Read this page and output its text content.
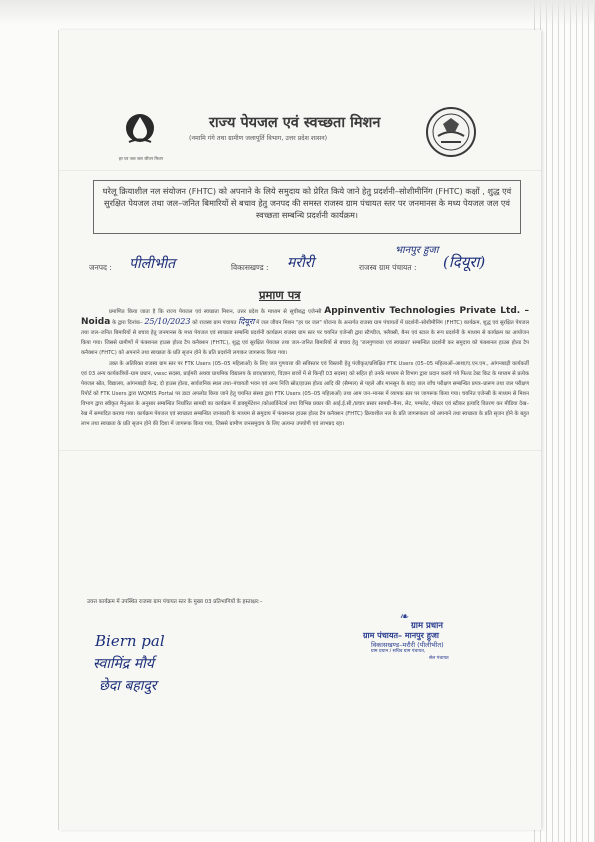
हर घर जल जल जीवन मिशन
राज्य पेयजल एवं स्वच्छता मिशन
(नमामि गंगे तथा ग्रामीण जलापूर्ति विभाग, उत्तर प्रदेश शासन)
घरेलू क्रियाशील नल संयोजन (FHTC) को अपनाने के लिये समुदाय को प्रेरित किये जाने हेतु प्रदर्शनी–सोशीमीनिंग (FHTC) कक्षों , शुद्ध एवं सुरक्षित पेयजल तथा जल–जनित बिमारियों से बचाव हेतु जनपद की समस्त राजस्व ग्राम पंचायत स्तर पर जनमानस के मध्य पेयजल जल एवं स्वच्छता सम्बन्धि प्रदर्शनी कार्यक्रम।
जनपद : पीलीभीत	विकासखण्ड : मरौरी	राजस्व ग्राम पंचायत :
भानपुर हुजा
(दियूरा)
प्रमाण पत्र

प्रमाणित किया जाता है कि राज्य पेयजल एवं स्वच्छता मिशन, उत्तर प्रदेश के माध्यम से सूचीबद्ध एजेन्सी Appinventiv Technologies Private Ltd. – Noida के द्वारा दिनांक– 25/10/2023 को राजस्व ग्राम पंचायत दियूरा में जल जीवन मिशन "हर घर जल" योजना के अन्तर्गत राजस्व ग्राम पंचायतों में प्रदर्शनी–सोशीमीनिंग (FHTC) कार्यक्रम, शुद्ध एवं सुरक्षित पेयजल तथा जल–जनित बिमारियों से बचाव हेतु जनमानस के मध्य पेयजल एवं स्वच्छता सम्बन्धि प्रदर्शनी कार्यक्रम राजस्व ग्राम स्तर पर चयनित एजेन्सी द्वारा स्टैण्डीज, फ्लैक्सी, बैनर एवं स्टाल के रूप प्रदर्शनी के माध्यम से कार्यक्रम का आयोजन किया गया। जिससे ग्रामीणों में फंक्शनल हाउस होल्ड टैप कनैक्शन (FHTC), शुद्ध एवं सुरक्षित पेयजल तथा जल–जनित बिमारियों से बचाव हेतु 'जलगुणवत्ता एवं स्वच्छता' सम्बन्धित प्रदर्शनी कर समुदाय को फंक्शनल हाउस होल्ड टैप कनैक्शन (FHTC) को अपनाने तथा स्वच्छता के प्रति सृजन होने के प्रति प्रदर्शनी लगाकर जागरूक किया गया।

उक्त के अतिरिक्त राजस्व ग्राम स्तर पर FTK Users (05–05 महिलाओं) के लिए जल गुणवत्ता की सविस्तार एवं विस्तारी हेतु पंजीकृत/प्रशिक्षित FTK Users (05–05 महिलाओं–आशा/ए.एन.एम., आंगनबाड़ी कार्यकर्ती एवं 03 अन्य कार्यकत्रियों–ग्राम प्रधान, vwsc सदस्य, प्राईमरी अथवा प्राथमिक विद्यालय के छात्र/छात्राएं, विज्ञान छात्रों में से किन्हीं 03 सदस्य) को सहित हो उनके माध्यम से विभाग द्वारा प्रदान कराये गये फिल्ड टेस्ट किट के माध्यम से प्रत्येक पेयजल स्रोत, विद्यालय, आंगनबाड़ी केन्द्र, दो हाउस होल्ड, सार्वजनिक स्थल तथा–पंचायती भवन एवं अन्य निजि स्रोत/हाउस होल्ड आदि की (सैम्पल) से पहले और मानसून के बाद) जल जाँच परीक्षण सम्बन्धित प्रपत्र–प्रारूप तथा जल परीक्षण रिपोर्ट को FTK Users द्वारा WQMIS Portal पर डाटा अपलोड किया जाने हेतु चयनित संस्था द्वारा FTK Users (05–05 महिलाओं) तथा आम जन–मानस में व्यापक स्तर पर जागरूक किया गया। चयनित एजेन्सी के माध्यम से मिशन विभाग द्वारा स्वीकृत मैनुअल के अनुसार सम्बन्धित निर्धारित सामग्री का कार्यक्रम में डाक्युमेंटेशन /कोआर्डिनेटर्स तथा विभिन्न प्रकार की आई.ई.सी./प्रचार प्रसार सामग्री–बैनर, लेट, पम्पलेट, पोस्टर एवं स्टीकर इत्यादि वितरण कर मीडिया देख–रेख में सम्पादित कराया गया। कार्यक्रम पेयजल एवं स्वच्छता सम्बन्धित जानकारी के माध्यम से समुदाय में फंक्शनल हाउस होल्ड टैप कनैक्शन (FHTC) क्रियाशील नल के प्रति जागरूकता को अपनाने तथा स्वच्छता के प्रति सृजन होने के बहुत लाभ तथा स्वच्छता के प्रति सृजन होने की दिशा में जागरूक किया गया, जिससे ग्रामीण जनसमुदाय के लिए अत्यन्त उपयोगी एवं लाभप्रद रहा।

उक्त्त कार्यक्रम में उपस्थित राजस्व ग्राम पंचायत स्तर के मुख्य 03 प्रतिभागियों के हस्ताक्षर:–
Biern pal
स्वामिंद्र मौर्य
छेदा बहादुर
❧
ग्राम प्रधान
ग्राम पंचायत– मानपुर हुजा
विकासखण्ड–मरौरी (पीलीभीत)
ग्राम प्रधान / सचिव ग्राम पंचायत,
सेल पंचायत
